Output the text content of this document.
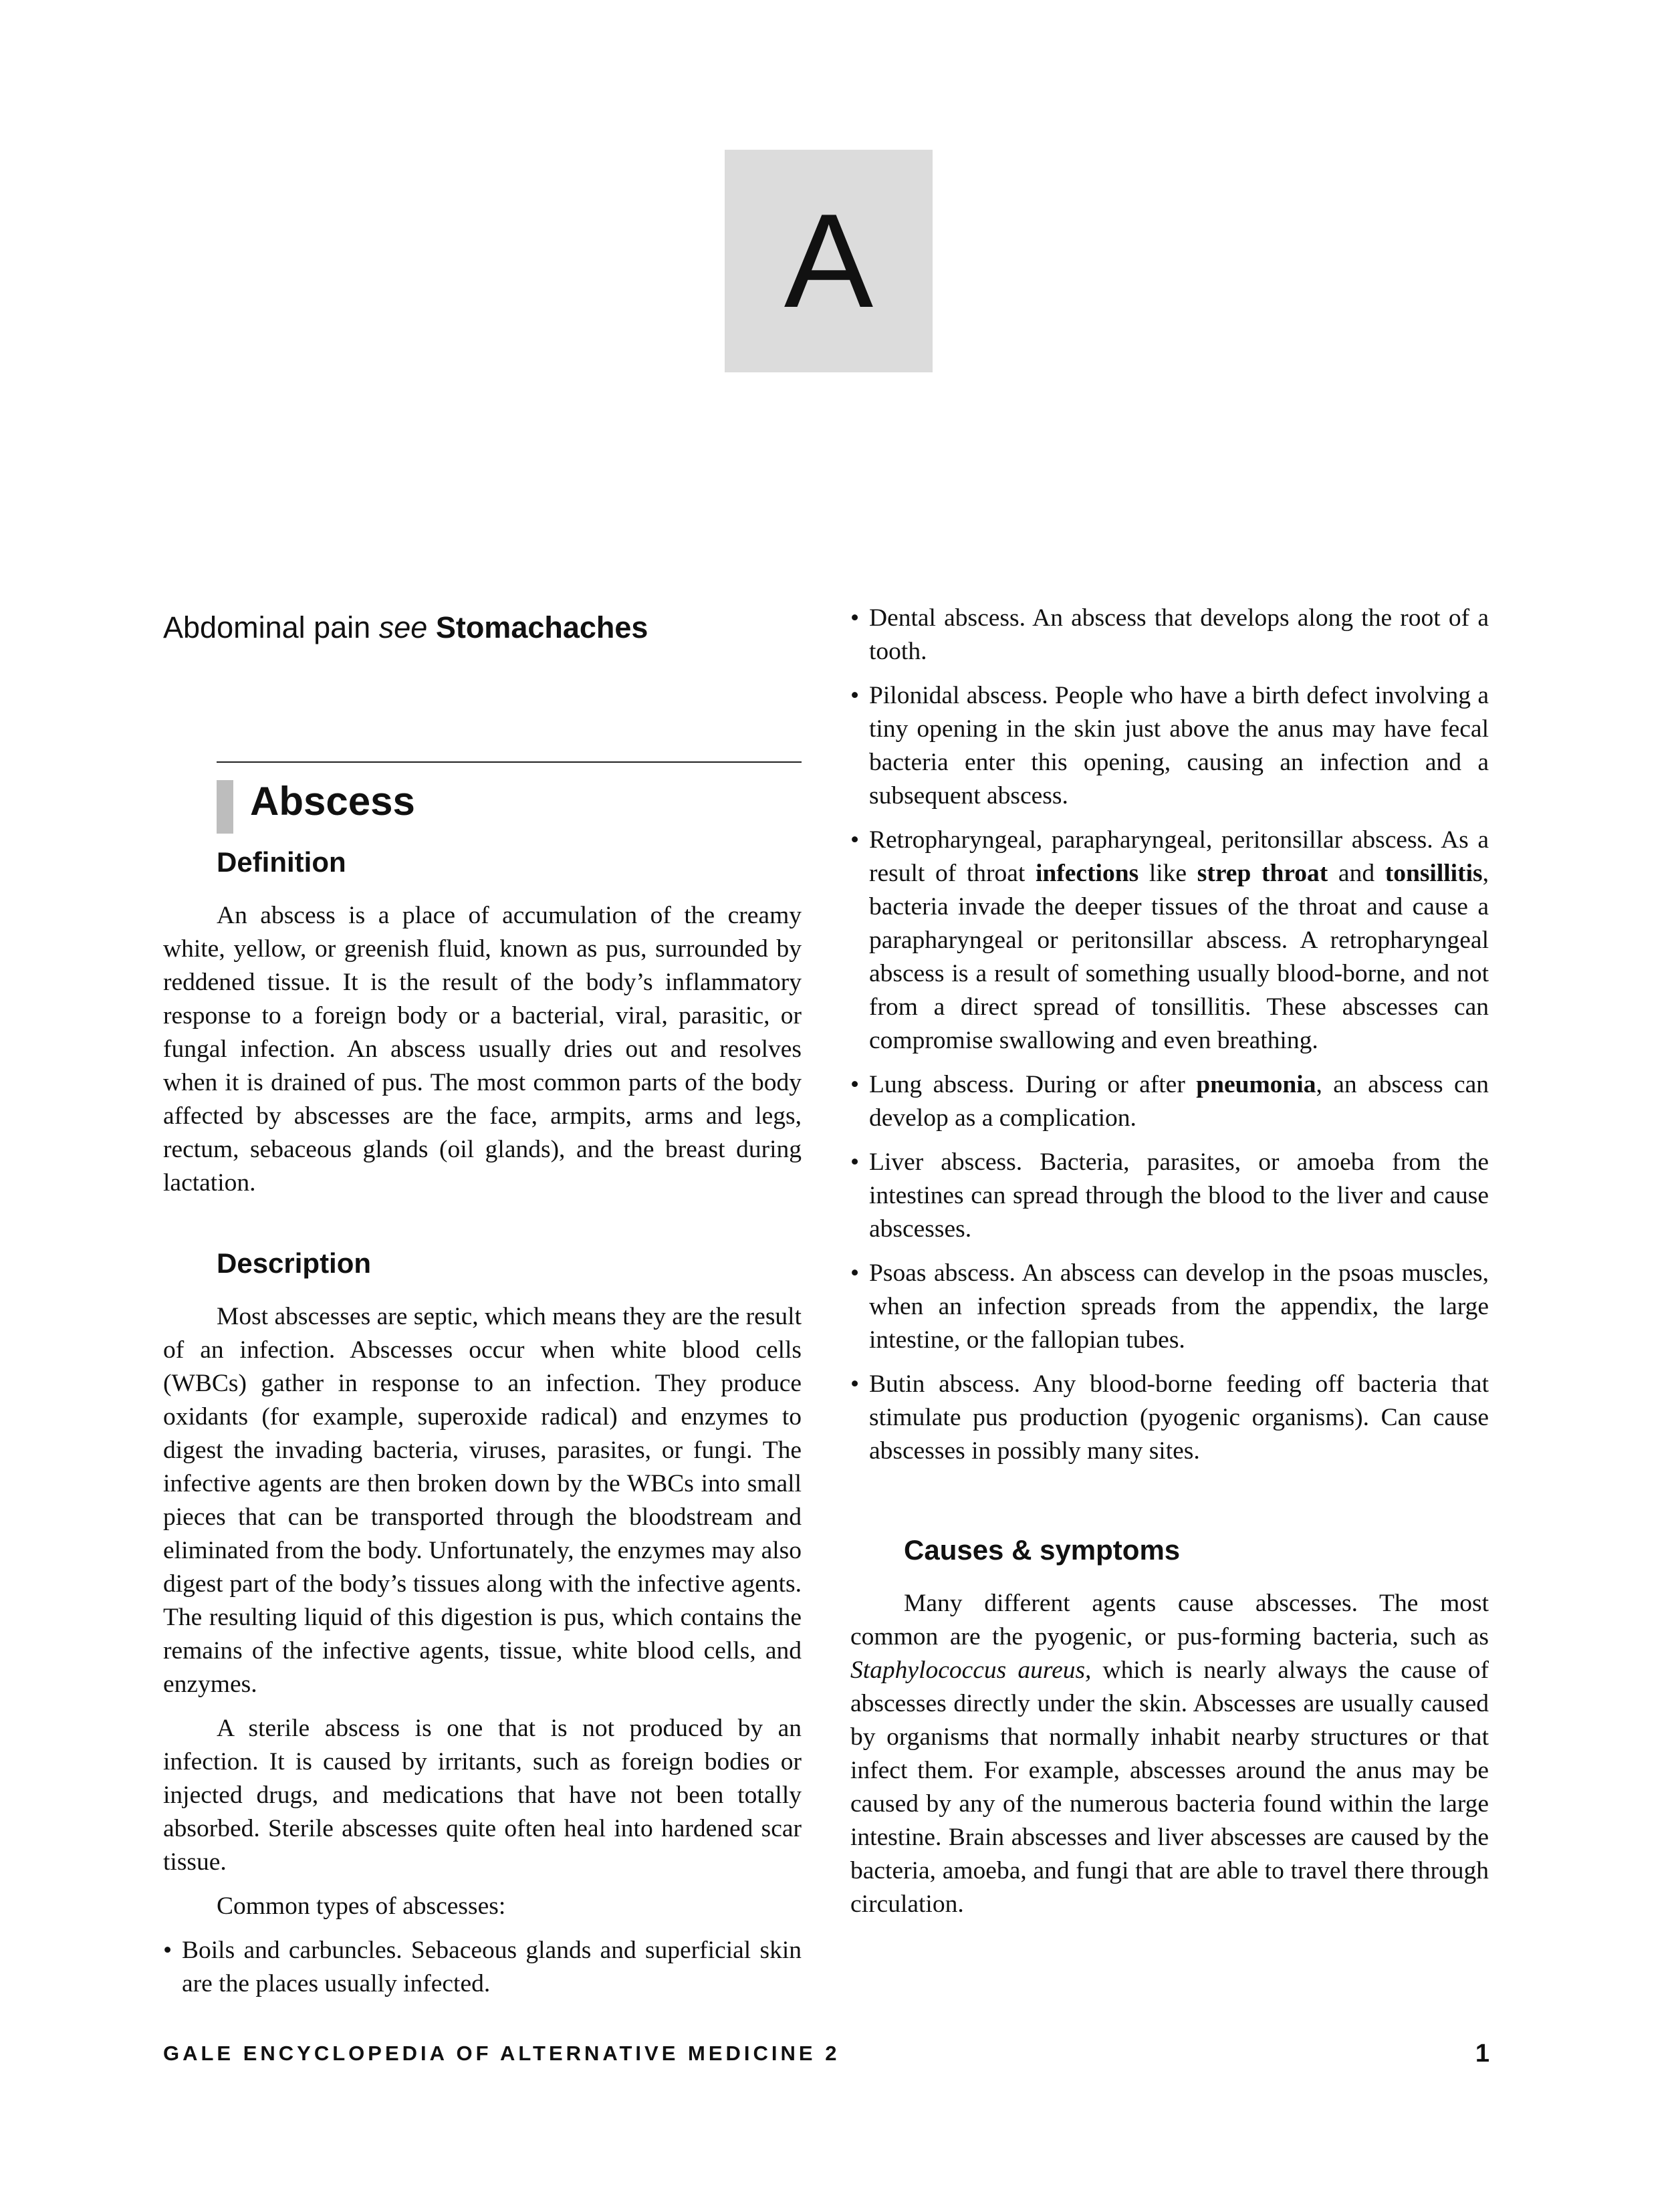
A
Abdominal pain see Stomachaches
Abscess
Definition

An abscess is a place of accumulation of the creamy white, yellow, or greenish fluid, known as pus, surrounded by reddened tissue. It is the result of the body’s inflammatory response to a foreign body or a bacterial, viral, parasitic, or fungal infection. An abscess usually dries out and resolves when it is drained of pus. The most common parts of the body affected by abscesses are the face, armpits, arms and legs, rectum, sebaceous glands (oil glands), and the breast during lactation.

Description

Most abscesses are septic, which means they are the result of an infection. Abscesses occur when white blood cells (WBCs) gather in response to an infection. They produce oxidants (for example, superoxide radical) and enzymes to digest the invading bacteria, viruses, parasites, or fungi. The infective agents are then broken down by the WBCs into small pieces that can be transported through the bloodstream and eliminated from the body. Unfortunately, the enzymes may also digest part of the body’s tissues along with the infective agents. The resulting liquid of this digestion is pus, which contains the remains of the infective agents, tissue, white blood cells, and enzymes.

A sterile abscess is one that is not produced by an infection. It is caused by irritants, such as foreign bodies or injected drugs, and medications that have not been totally absorbed. Sterile abscesses quite often heal into hardened scar tissue.

Common types of abscesses:

• Boils and carbuncles. Sebaceous glands and superficial skin are the places usually infected.

• Dental abscess. An abscess that develops along the root of a tooth.

• Pilonidal abscess. People who have a birth defect involving a tiny opening in the skin just above the anus may have fecal bacteria enter this opening, causing an infection and a subsequent abscess.

• Retropharyngeal, parapharyngeal, peritonsillar abscess. As a result of throat infections like strep throat and tonsillitis, bacteria invade the deeper tissues of the throat and cause a parapharyngeal or peritonsillar abscess. A retropharyngeal abscess is a result of something usually blood-borne, and not from a direct spread of tonsillitis. These abscesses can compromise swallowing and even breathing.

• Lung abscess. During or after pneumonia, an abscess can develop as a complication.

• Liver abscess. Bacteria, parasites, or amoeba from the intestines can spread through the blood to the liver and cause abscesses.

• Psoas abscess. An abscess can develop in the psoas muscles, when an infection spreads from the appendix, the large intestine, or the fallopian tubes.

• Butin abscess. Any blood-borne feeding off bacteria that stimulate pus production (pyogenic organisms). Can cause abscesses in possibly many sites.

Causes & symptoms

Many different agents cause abscesses. The most common are the pyogenic, or pus-forming bacteria, such as Staphylococcus aureus, which is nearly always the cause of abscesses directly under the skin. Abscesses are usually caused by organisms that normally inhabit nearby structures or that infect them. For example, abscesses around the anus may be caused by any of the numerous bacteria found within the large intestine. Brain abscesses and liver abscesses are caused by the bacteria, amoeba, and fungi that are able to travel there through circulation.

GALE ENCYCLOPEDIA OF ALTERNATIVE MEDICINE 2	1
